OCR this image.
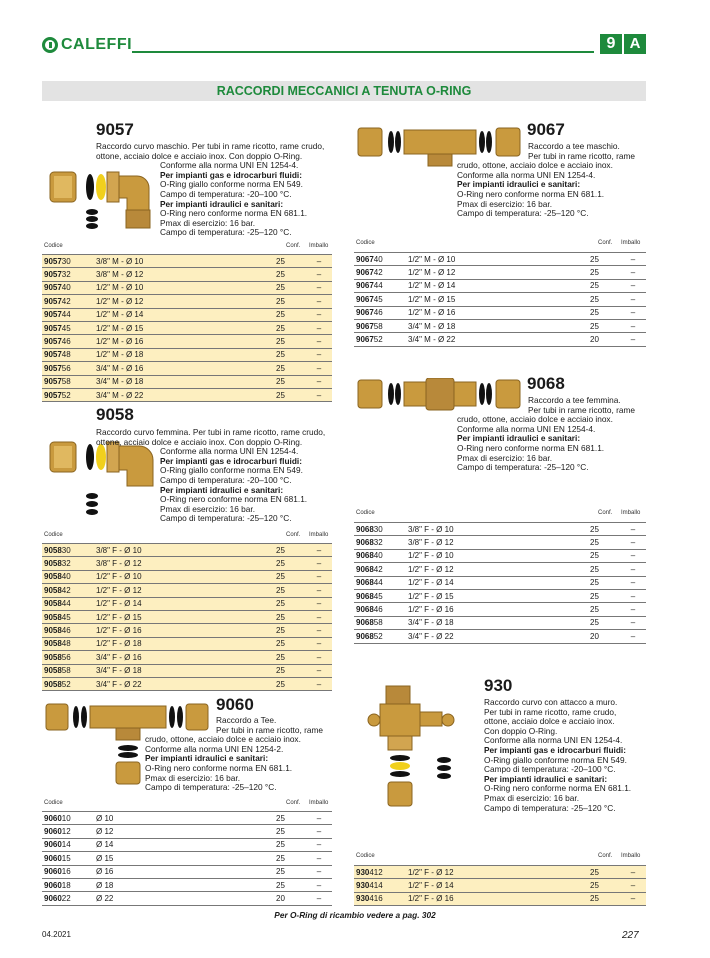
CALEFFI	9 A
RACCORDI MECCANICI A TENUTA O-RING
9057
Raccordo curvo maschio. Per tubi in rame ricotto, rame crudo,
ottone, acciaio dolce e acciaio inox. Con doppio O-Ring.
Conforme alla norma UNI EN 1254-4.
Per impianti gas e idrocarburi fluidi:
O-Ring giallo conforme norma EN 549.
Campo di temperatura: -20–100 °C.
Per impianti idraulici e sanitari:
O-Ring nero conforme norma EN 681.1.
Pmax di esercizio: 16 bar.
Campo di temperatura: -25–120 °C.
Codice	Conf. Imballo
905730	3/8" M - Ø 10	25	–
905732	3/8" M - Ø 12	25	–
905740	1/2" M - Ø 10	25	–
905742	1/2" M - Ø 12	25	–
905744	1/2" M - Ø 14	25	–
905745	1/2" M - Ø 15	25	–
905746	1/2" M - Ø 16	25	–
905748	1/2" M - Ø 18	25	–
905756	3/4" M - Ø 16	25	–
905758	3/4" M - Ø 18	25	–
905752	3/4" M - Ø 22	25	–
9058
Raccordo curvo femmina. Per tubi in rame ricotto, rame crudo,
ottone, acciaio dolce e acciaio inox. Con doppio O-Ring.
Conforme alla norma UNI EN 1254-4.
Per impianti gas e idrocarburi fluidi:
O-Ring giallo conforme norma EN 549.
Campo di temperatura: -20–100 °C.
Per impianti idraulici e sanitari:
O-Ring nero conforme norma EN 681.1.
Pmax di esercizio: 16 bar.
Campo di temperatura: -25–120 °C.
Codice	Conf. Imballo
905830	3/8" F - Ø 10	25	–
905832	3/8" F - Ø 12	25	–
905840	1/2" F - Ø 10	25	–
905842	1/2" F - Ø 12	25	–
905844	1/2" F - Ø 14	25	–
905845	1/2" F - Ø 15	25	–
905846	1/2" F - Ø 16	25	–
905848	1/2" F - Ø 18	25	–
905856	3/4" F - Ø 16	25	–
905858	3/4" F - Ø 18	25	–
905852	3/4" F - Ø 22	25	–
9060
Raccordo a Tee.
Per tubi in rame ricotto, rame
crudo, ottone, acciaio dolce e acciaio inox.
Conforme alla norma UNI EN 1254-2.
Per impianti idraulici e sanitari:
O-Ring nero conforme norma EN 681.1.
Pmax di esercizio: 16 bar.
Campo di temperatura: -25–120 °C.
Codice	Conf. Imballo
906010	Ø 10	25	–
906012	Ø 12	25	–
906014	Ø 14	25	–
906015	Ø 15	25	–
906016	Ø 16	25	–
906018	Ø 18	25	–
906022	Ø 22	20	–
9067
Raccordo a tee maschio.
Per tubi in rame ricotto, rame
crudo, ottone, acciaio dolce e acciaio inox.
Conforme alla norma UNI EN 1254-4.
Per impianti idraulici e sanitari:
O-Ring nero conforme norma EN 681.1.
Pmax di esercizio: 16 bar.
Campo di temperatura: -25–120 °C.
Codice	Conf. Imballo
906740	1/2" M - Ø 10	25	–
906742	1/2" M - Ø 12	25	–
906744	1/2" M - Ø 14	25	–
906745	1/2" M - Ø 15	25	–
906746	1/2" M - Ø 16	25	–
906758	3/4" M - Ø 18	25	–
906752	3/4" M - Ø 22	20	–
9068
Raccordo a tee femmina.
Per tubi in rame ricotto, rame
crudo, ottone, acciaio dolce e acciaio inox.
Conforme alla norma UNI EN 1254-4.
Per impianti idraulici e sanitari:
O-Ring nero conforme norma EN 681.1.
Pmax di esercizio: 16 bar.
Campo di temperatura: -25–120 °C.
Codice	Conf. Imballo
906830	3/8" F - Ø 10	25	–
906832	3/8" F - Ø 12	25	–
906840	1/2" F - Ø 10	25	–
906842	1/2" F - Ø 12	25	–
906844	1/2" F - Ø 14	25	–
906845	1/2" F - Ø 15	25	–
906846	1/2" F - Ø 16	25	–
906858	3/4" F - Ø 18	25	–
906852	3/4" F - Ø 22	20	–
930
Raccordo curvo con attacco a muro.
Per tubi in rame ricotto, rame crudo,
ottone, acciaio dolce e acciaio inox.
Con doppio O-Ring.
Conforme alla norma UNI EN 1254-4.
Per impianti gas e idrocarburi fluidi:
O-Ring giallo conforme norma EN 549.
Campo di temperatura: -20–100 °C.
Per impianti idraulici e sanitari:
O-Ring nero conforme norma EN 681.1.
Pmax di esercizio: 16 bar.
Campo di temperatura: -25–120 °C.
Codice	Conf. Imballo
930412	1/2" F - Ø 12	25	–
930414	1/2" F - Ø 14	25	–
930416	1/2" F - Ø 16	25	–
Per O-Ring di ricambio vedere a pag. 302
04.2021	227
